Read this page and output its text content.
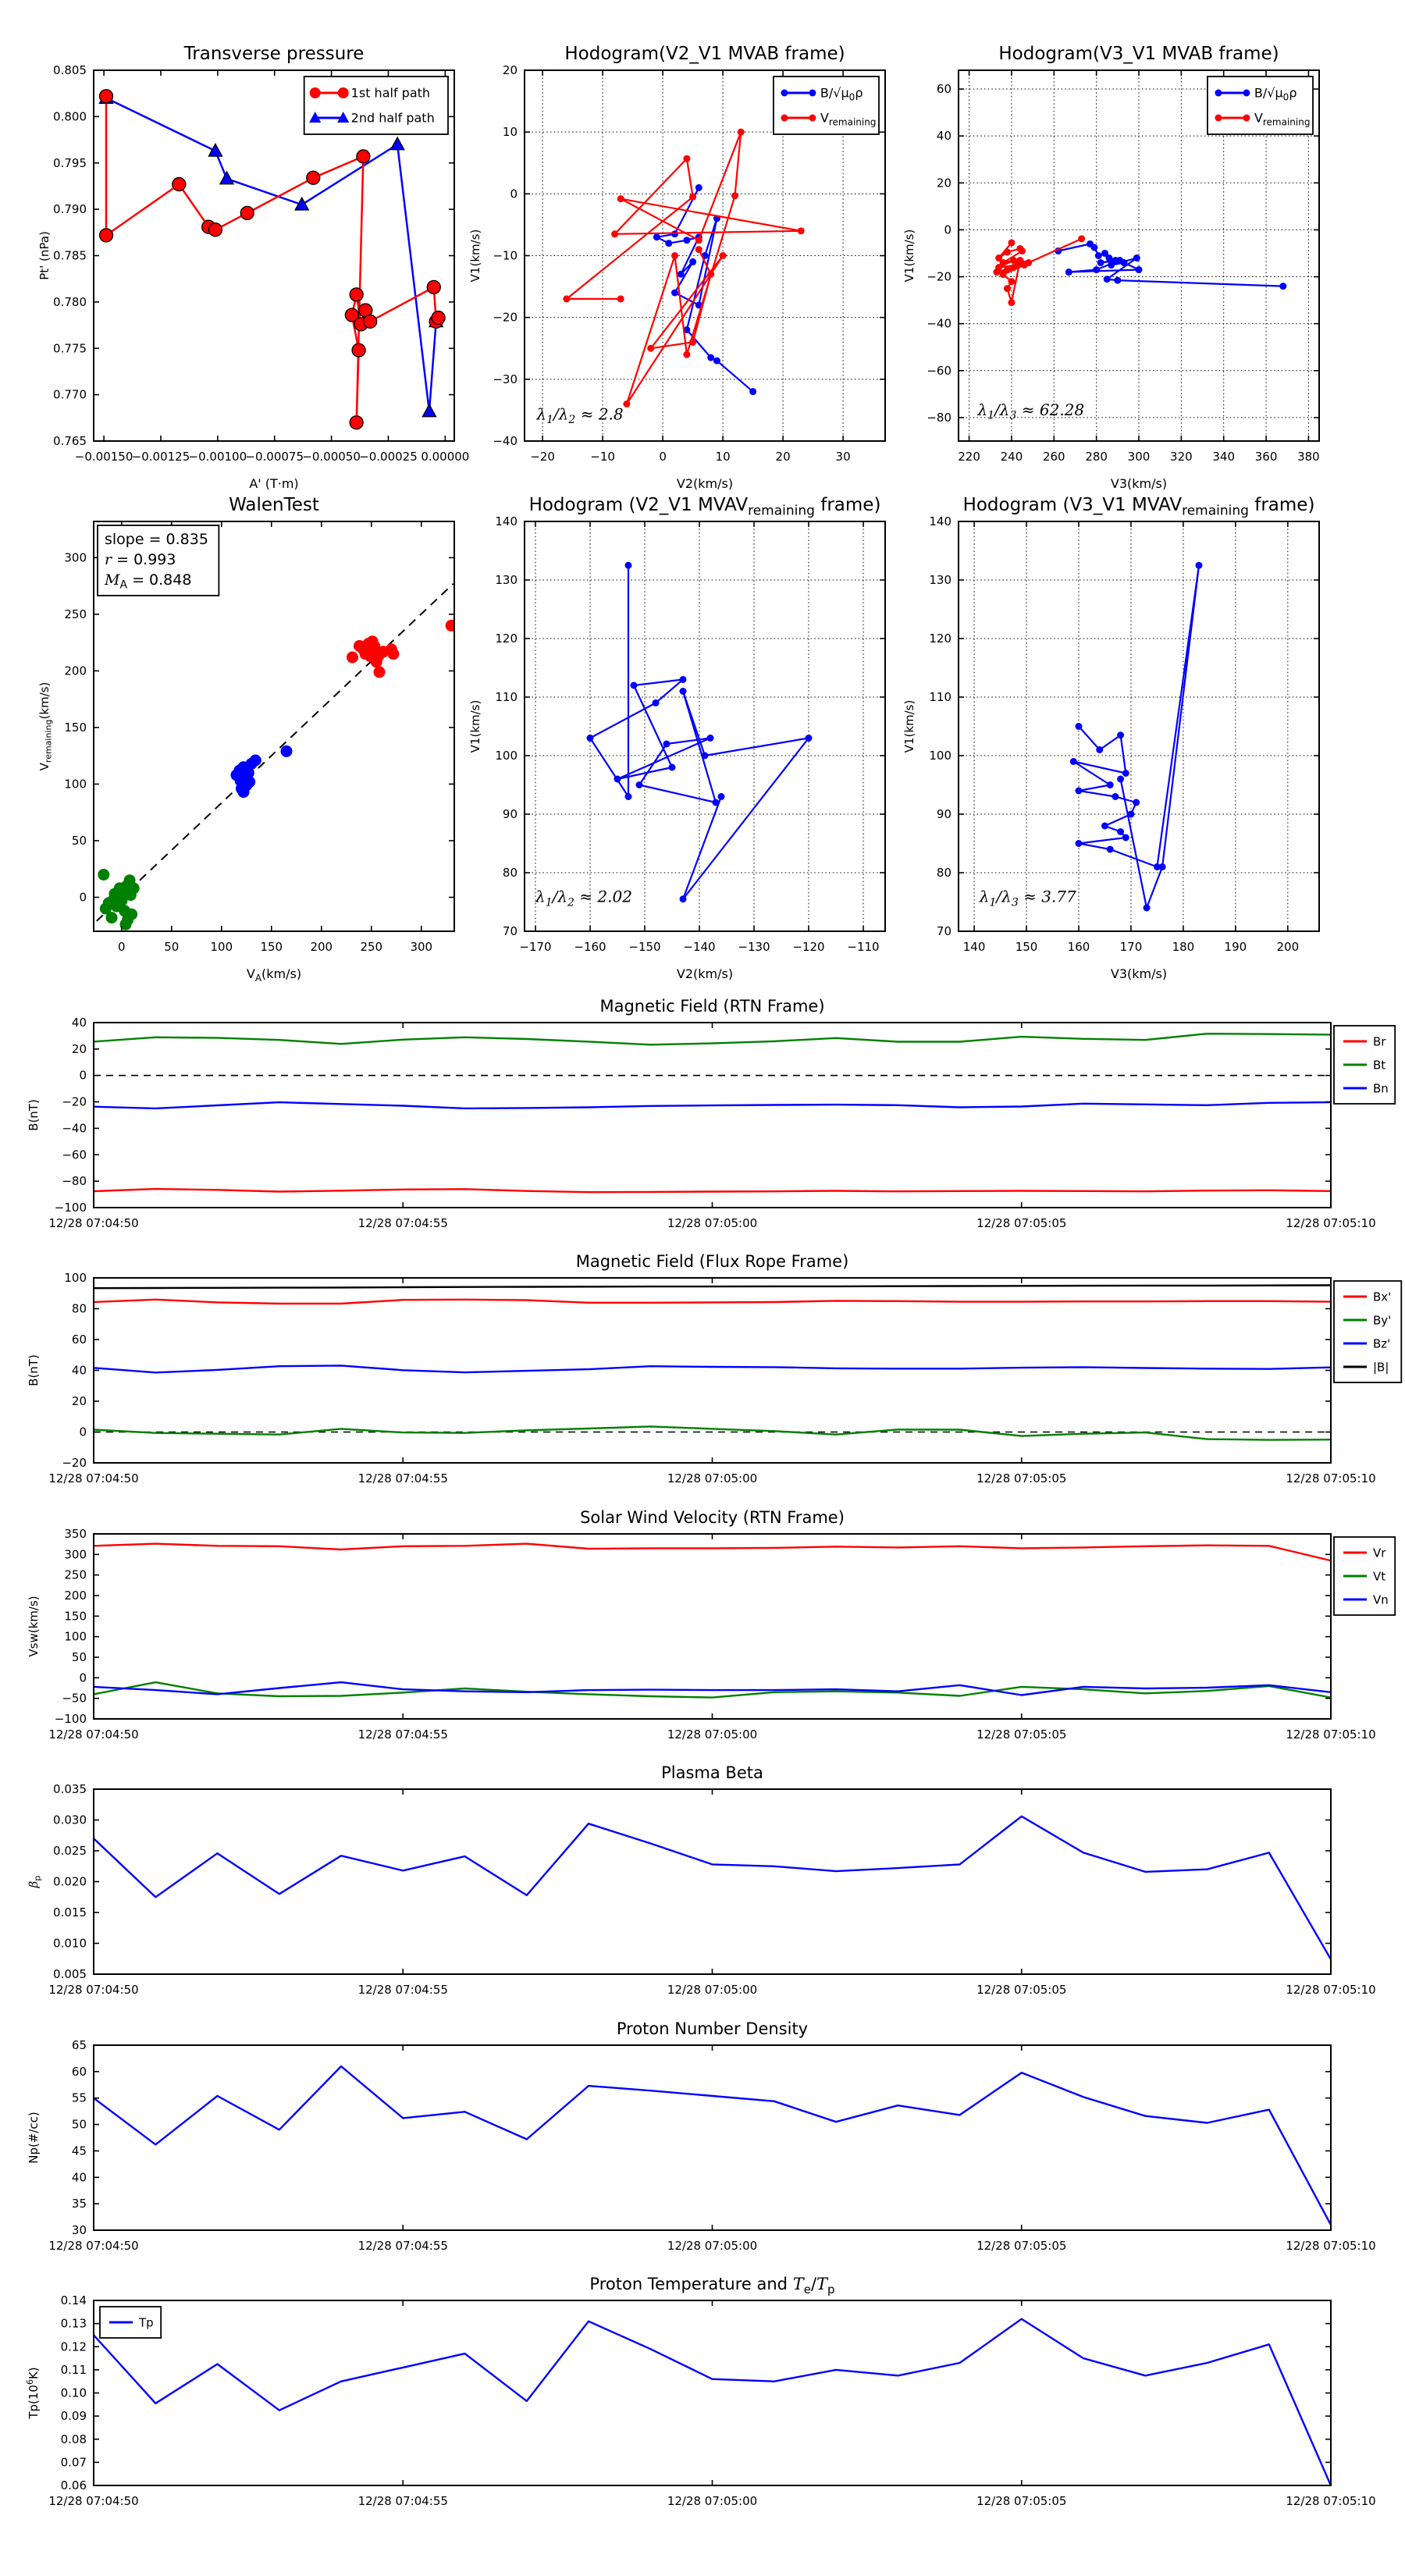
−0.00150
−0.00125
−0.00100
−0.00075
−0.00050
−0.00025 0.00000
0.765
0.770
0.775
0.780
0.785
0.790
0.795
0.800
0.805
Transverse pressure
A' (T·m)
Pt' (nPa)
1st half path
2nd half path
−20	−10	0	10	20	30
−40
−30
−20
−10
0
10
20
Hodogram(V2_V1 MVAB frame)
V2(km/s)
V1(km/s)
$\lambda_1/\lambda_2 \approx 2.8$
$B/√\mu_0\rho$
$V_{remaining}$
220 240 260 280 300 320 340 360 380
−80
−60
−40
−20
0
20
40
60
Hodogram(V3_V1 MVAB frame)
V3(km/s)
V1(km/s)
$\lambda_1/\lambda_3 \approx 62.28$
$B/√\mu_0\rho$
$V_{remaining}$
0	50	100 150 200 250 300
0
50
100
150
200
250
300
WalenTest
$V_A(km/s)$
$V_{remaining}(km/s)$
slope = 0.835
r = 0.993
$M_A = 0.848$
−170 −160 −150 −140 −130 −120 −110
70
80
90
100
110
120
130
140
Hodogram (V2_V1 $MVAV_{remaining}$ frame)
V2(km/s)
V1(km/s)
$\lambda_1/\lambda_2 \approx 2.02$
140	150	160	170	180	190	200
70
80
90
100
110
120
130
140
Hodogram (V3_V1 $MVAV_{remaining}$ frame)
V3(km/s)
V1(km/s)
$\lambda_1/\lambda_3 \approx 3.77$
12/28 07:04:50	12/28 07:04:55	12/28 07:05:00	12/28 07:05:05	12/28 07:05:10
−100
−80
−60
−40
−20
0
20
40
Magnetic Field (RTN Frame)
B(nT)
Br
Bt
Bn
12/28 07:04:50	12/28 07:04:55	12/28 07:05:00	12/28 07:05:05	12/28 07:05:10
−20
0
20
40
60
80
100
Magnetic Field (Flux Rope Frame)
B(nT)
Bx'
By'
Bz'
|B|
12/28 07:04:50	12/28 07:04:55	12/28 07:05:00	12/28 07:05:05	12/28 07:05:10
−100
−50
0
50
100
150
200
250
300
350
Solar Wind Velocity (RTN Frame)
Vsw(km/s)
Vr
Vt
Vn
12/28 07:04:50	12/28 07:04:55	12/28 07:05:00	12/28 07:05:05	12/28 07:05:10
0.005
0.010
0.015
0.020
0.025
0.030
0.035
Plasma Beta
$\beta_p$
12/28 07:04:50	12/28 07:04:55	12/28 07:05:00	12/28 07:05:05	12/28 07:05:10
30
35
40
45
50
55
60
65
Proton Number Density
Np(#/cc)
12/28 07:04:50	12/28 07:04:55	12/28 07:05:00	12/28 07:05:05	12/28 07:05:10
0.06
0.07
0.08
0.09
0.10
0.11
0.12
0.13
0.14
Proton Temperature and $T_e/T_p$
$Tp(10^6K)$
Tp
